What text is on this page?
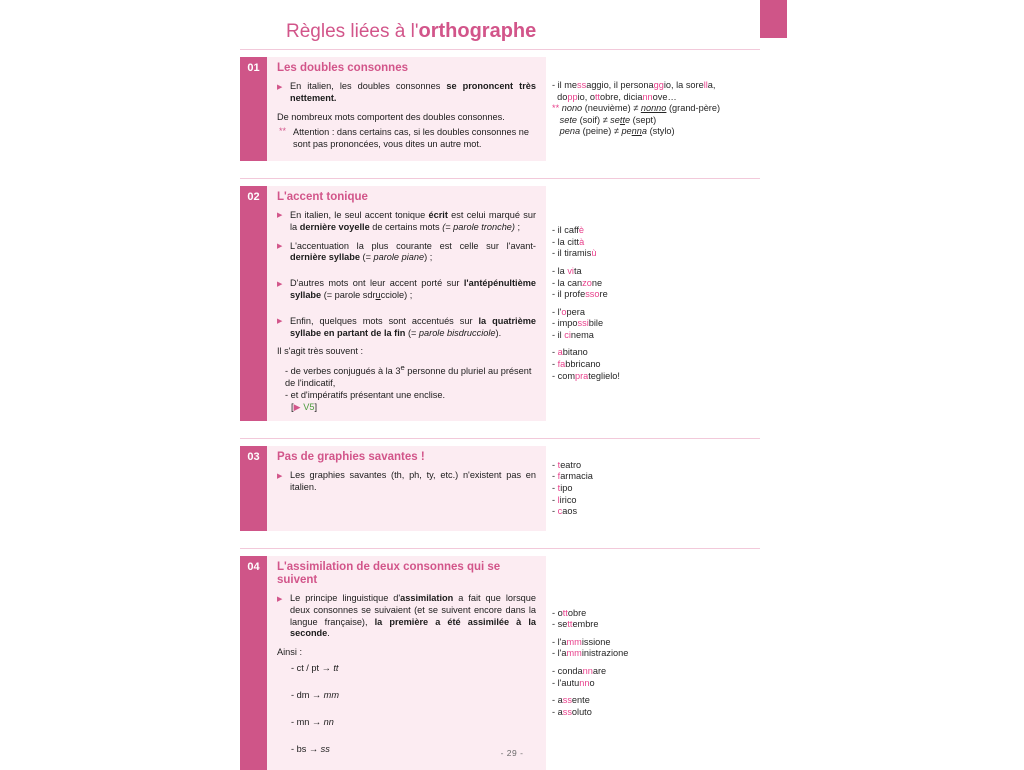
Règles liées à l'orthographe
01	Les doubles consonnes
▶ En italien, les doubles consonnes se prononcent très nettement.
De nombreux mots comportent des doubles consonnes.
** Attention : dans certains cas, si les doubles consonnes ne sont pas prononcées, vous dites un autre mot.
- il messaggio, il personaggio, la sorella,
doppio, ottobre, diciannove…
** nono (neuvième) ≠ nonno (grand-père)
sete (soif) ≠ sette (sept)
pena (peine) ≠ penna (stylo)
02	L'accent tonique
▶ En italien, le seul accent tonique écrit est celui marqué sur la dernière voyelle de certains mots (= parole tronche) ;
▶ L'accentuation la plus courante est celle sur l'avant-dernière syllabe (= parole piane) ;
▶ D'autres mots ont leur accent porté sur l'antépénultième syllabe (= parole sdrucciole) ;
▶ Enfin, quelques mots sont accentués sur la quatrième syllabe en partant de la fin (= parole bisdrucciole).
Il s'agit très souvent :
- de verbes conjugués à la 3e personne du pluriel au présent de l'indicatif,
- et d'impératifs présentant une enclise.
[▶ V5]
- il caffè
- la città
- il tiramisù
- la vita
- la canzone
- il professore
- l'opera
- impossibile
- il cinema
- abitano
- fabbricano
- comprateglielo!
03	Pas de graphies savantes !
▶ Les graphies savantes (th, ph, ty, etc.) n'existent pas en italien.
- teatro
- farmacia
- tipo
- lirico
- caos
04	L'assimilation de deux consonnes qui se suivent
▶ Le principe linguistique d'assimilation a fait que lorsque deux consonnes se suivaient (et se suivent encore dans la langue française), la première a été assimilée à la seconde.
Ainsi :
- ct / pt → tt
- dm → mm
- mn → nn
- bs → ss
- ottobre
- settembre
- l'ammissione
- l'amministrazione
- condannare
- l'autunno
- assente
- assoluto
- 29 -
